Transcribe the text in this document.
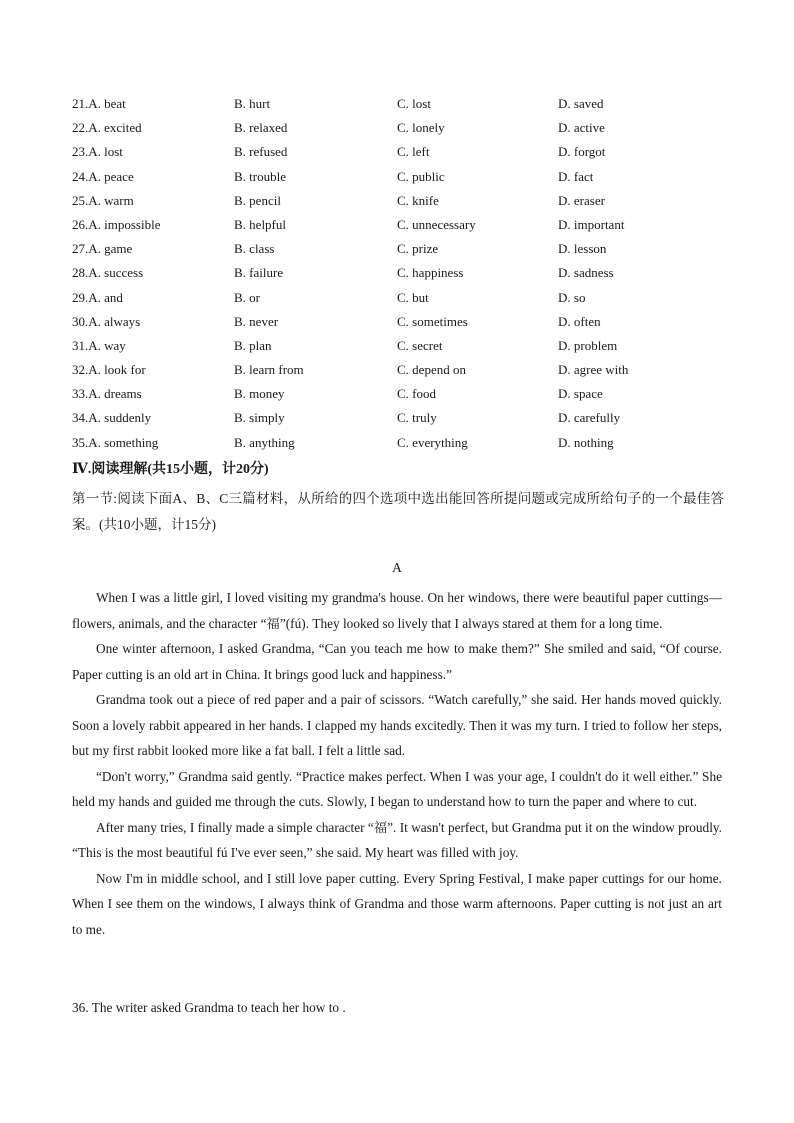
21.A. beat	B. hurt	C. lost	D. saved
22.A. excited	B. relaxed	C. lonely	D. active
23.A. lost	B. refused	C. left	D. forgot
24.A. peace	B. trouble	C. public	D. fact
25.A. warm	B. pencil	C. knife	D. eraser
26.A. impossible	B. helpful	C. unnecessary	D. important
27.A. game	B. class	C. prize	D. lesson
28.A. success	B. failure	C. happiness	D. sadness
29.A. and	B. or	C. but	D. so
30.A. always	B. never	C. sometimes	D. often
31.A. way	B. plan	C. secret	D. problem
32.A. look for	B. learn from	C. depend on	D. agree with
33.A. dreams	B. money	C. food	D. space
34.A. suddenly	B. simply	C. truly	D. carefully
35.A. something	B. anything	C. everything	D. nothing
Ⅳ.阅读理解(共15小题，计20分)
第一节:阅读下面A、B、C三篇材料，从所给的四个选项中选出能回答所提问题或完成所给句子的一个最佳答案。(共10小题，计15分)
A

When I was a little girl, I loved visiting my grandma's house. On her windows, there were beautiful paper cuttings—flowers, animals, and the character “福”(fú). They looked so lively that I always stared at them for a long time.

One winter afternoon, I asked Grandma, “Can you teach me how to make them?” She smiled and said, “Of course. Paper cutting is an old art in China. It brings good luck and happiness.”

Grandma took out a piece of red paper and a pair of scissors. “Watch carefully,” she said. Her hands moved quickly. Soon a lovely rabbit appeared in her hands. I clapped my hands excitedly. Then it was my turn. I tried to follow her steps, but my first rabbit looked more like a fat ball. I felt a little sad.

“Don't worry,” Grandma said gently. “Practice makes perfect. When I was your age, I couldn't do it well either.” She held my hands and guided me through the cuts. Slowly, I began to understand how to turn the paper and where to cut.

After many tries, I finally made a simple character “福”. It wasn't perfect, but Grandma put it on the window proudly. “This is the most beautiful fú I've ever seen,” she said. My heart was filled with joy.

Now I'm in middle school, and I still love paper cutting. Every Spring Festival, I make paper cuttings for our home. When I see them on the windows, I always think of Grandma and those warm afternoons. Paper cutting is not just an art to me.

36. The writer asked Grandma to teach her how to .
